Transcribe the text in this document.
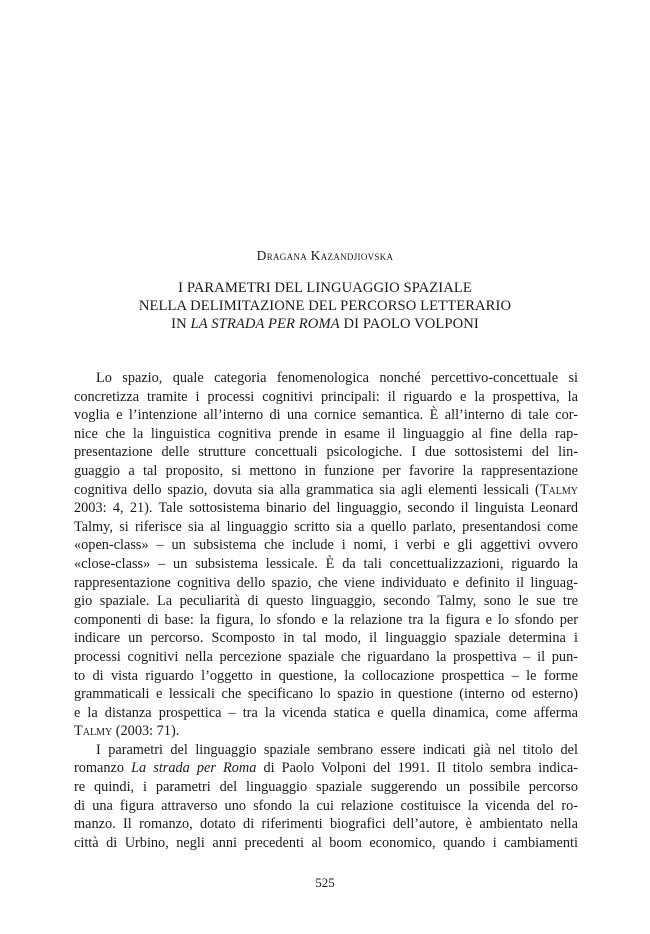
Dragana Kazandjiovska
I PARAMETRI DEL LINGUAGGIO SPAZIALE
NELLA DELIMITAZIONE DEL PERCORSO LETTERARIO
IN LA STRADA PER ROMA DI PAOLO VOLPONI
Lo spazio, quale categoria fenomenologica nonché percettivo-concettuale si
concretizza tramite i processi cognitivi principali: il riguardo e la prospettiva, la
voglia e l’intenzione all’interno di una cornice semantica. È all’interno di tale cor-
nice che la linguistica cognitiva prende in esame il linguaggio al fine della rap-
presentazione delle strutture concettuali psicologiche. I due sottosistemi del lin-
guaggio a tal proposito, si mettono in funzione per favorire la rappresentazione
cognitiva dello spazio, dovuta sia alla grammatica sia agli elementi lessicali (Talmy
2003: 4, 21). Tale sottosistema binario del linguaggio, secondo il linguista Leonard
Talmy, si riferisce sia al linguaggio scritto sia a quello parlato, presentandosi come
«open-class» – un subsistema che include i nomi, i verbi e gli aggettivi ovvero
«close-class» – un subsistema lessicale. È da tali concettualizzazioni, riguardo la
rappresentazione cognitiva dello spazio, che viene individuato e definito il linguag-
gio spaziale. La peculiarità di questo linguaggio, secondo Talmy, sono le sue tre
componenti di base: la figura, lo sfondo e la relazione tra la figura e lo sfondo per
indicare un percorso. Scomposto in tal modo, il linguaggio spaziale determina i
processi cognitivi nella percezione spaziale che riguardano la prospettiva – il pun-
to di vista riguardo l’oggetto in questione, la collocazione prospettica – le forme
grammaticali e lessicali che specificano lo spazio in questione (interno od esterno)
e la distanza prospettica – tra la vicenda statica e quella dinamica, come afferma
Talmy (2003: 71).
I parametri del linguaggio spaziale sembrano essere indicati già nel titolo del
romanzo La strada per Roma di Paolo Volponi del 1991. Il titolo sembra indica-
re quindi, i parametri del linguaggio spaziale suggerendo un possibile percorso
di una figura attraverso uno sfondo la cui relazione costituisce la vicenda del ro-
manzo. Il romanzo, dotato di riferimenti biografici dell’autore, è ambientato nella
città di Urbino, negli anni precedenti al boom economico, quando i cambiamenti
525
